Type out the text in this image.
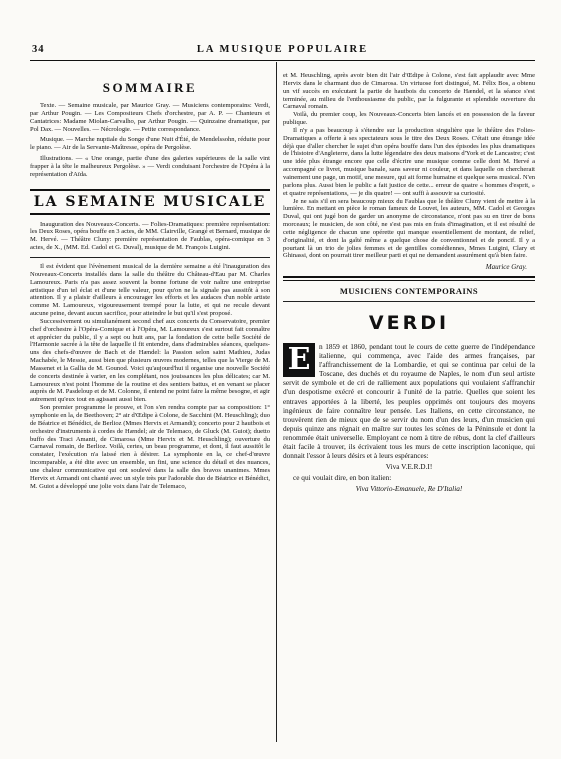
34	LA MUSIQUE POPULAIRE
SOMMAIRE

Texte. — Semaine musicale, par Maurice Gray. — Musiciens contemporains: Verdi, par Arthur Pougin. — Les Compositeurs Chefs d'orchestre, par A. P. — Chanteurs et Cantatrices: Madame Miolan-Carvalho, par Arthur Pougin. — Quinzaine dramatique, par Pol Dax. — Nouvelles. — Nécrologie. — Petite correspondance.

Musique. — Marche nuptiale du Songe d'une Nuit d'Été, de Mendelssohn, réduite pour le piano. — Air de la Servante-Maîtresse, opéra de Pergolèse.

Illustrations. — « Une orange, partie d'une des galeries supérieures de la salle vint frapper à la tête le malheureux Pergolèse. » — Verdi conduisant l'orchestre de l'Opéra à la représentation d'Aïda.

LA SEMAINE MUSICALE

Inauguration des Nouveaux-Concerts. — Folies-Dramatiques: première représentation: les Deux Roses, opéra bouffe en 3 actes, de MM. Clairville, Grangé et Bernard, musique de M. Hervé. — Théâtre Cluny: première représentation de Faublas, opéra-comique en 3 actes, de X., (MM. Ed. Cadol et G. Duval), musique de M. François Luigini.

Il est évident que l'évènement musical de la dernière semaine a été l'inauguration des Nouveaux-Concerts installés dans la salle du théâtre du Château-d'Eau par M. Charles Lamoureux. Paris n'a pas assez souvent la bonne fortune de voir naître une entreprise artistique d'un tel éclat et d'une telle valeur, pour qu'on ne la signale pas aussitôt à son attention. Il y a plaisir d'ailleurs à encourager les efforts et les audaces d'un noble artiste comme M. Lamoureux, vigoureusement trempé pour la lutte, et qui ne recule devant aucune peine, devant aucun sacrifice, pour atteindre le but qu'il s'est proposé.

Successivement ou simultanément second chef aux concerts du Conservatoire, premier chef d'orchestre à l'Opéra-Comique et à l'Opéra, M. Lamoureux s'est surtout fait connaître et apprécier du public, il y a sept ou huit ans, par la fondation de cette belle Société de l'Harmonie sacrée à la tête de laquelle il fit entendre, dans d'admirables séances, quelques-uns des chefs-d'œuvre de Bach et de Hændel: la Passion selon saint Mathieu, Judas Machabée, le Messie, aussi bien que plusieurs œuvres modernes, telles que la Vierge de M. Massenet et la Gallia de M. Gounod. Voici qu'aujourd'hui il organise une nouvelle Société de concerts destinée à varier, en les complétant, nos jouissances les plus délicates; car M. Lamoureux n'est point l'homme de la routine et des sentiers battus, et en venant se placer auprès de M. Pasdeloup et de M. Colonne, il entend ne point faire la même besogne, et agir autrement qu'eux tout en agissant aussi bien.

Son premier programme le prouve, et l'on s'en rendra compte par sa composition: 1° symphonie en la, de Beethoven; 2° air d'Œdipe à Colone, de Sacchini (M. Heuschling); duo de Béatrice et Bénédict, de Berlioz (Mmes Hervix et Armandi); concerto pour 2 hautbois et orchestre d'instruments à cordes de Hændel; air de Telemaco, de Gluck (M. Guiot); duetto buffo des Traci Amanti, de Cimarosa (Mme Hervix et M. Heuschling); ouverture du Carnaval romain, de Berlioz. Voilà, certes, un beau programme, et dont, il faut aussitôt le constater, l'exécution n'a laissé rien à désirer. La symphonie en la, ce chef-d'œuvre incomparable, a été dite avec un ensemble, un fini, une science du détail et des nuances, une chaleur communicative qui ont soulevé dans la salle des bravos unanimes. Mmes Hervix et Armandi ont chanté avec un style très pur l'adorable duo de Béatrice et Bénédict, M. Guiot a développé une jolie voix dans l'air de Telemaco,

et M. Heuschling, après avoir bien dit l'air d'Œdipe à Colone, s'est fait applaudir avec Mme Hervix dans le charmant duo de Cimarosa. Un virtuose fort distingué, M. Félix Bos, a obtenu un vif succès en exécutant la partie de hautbois du concerto de Hændel, et la séance s'est terminée, au milieu de l'enthousiasme du public, par la fulgurante et splendide ouverture du Carnaval romain.

Voilà, du premier coup, les Nouveaux-Concerts bien lancés et en possession de la faveur publique.

Il n'y a pas beaucoup à s'étendre sur la production singulière que le théâtre des Folies-Dramatiques a offerte à ses spectateurs sous le titre des Deux Roses. C'était une étrange idée déjà que d'aller chercher le sujet d'un opéra bouffe dans l'un des épisodes les plus dramatiques de l'histoire d'Angleterre, dans la lutte légendaire des deux maisons d'York et de Lancastre; c'est une idée plus étrange encore que celle d'écrire une musique comme celle dont M. Hervé a accompagné ce livret, musique banale, sans saveur ni couleur, et dans laquelle on chercherait vainement une page, un motif, une mesure, qui ait forme humaine et quelque sens musical. N'en parlons plus. Aussi bien le public a fait justice de cette... erreur de quatre « hommes d'esprit, » et quatre représentations, — je dis quatre! — ont suffi à assouvir sa curiosité.

Je ne sais s'il en sera beaucoup mieux du Faublas que le théâtre Cluny vient de mettre à la lumière. En mettant en pièce le roman fameux de Louvet, les auteurs, MM. Cadol et Georges Duval, qui ont jugé bon de garder un anonyme de circonstance, n'ont pas su en tirer de bons morceaux; le musicien, de son côté, ne s'est pas mis en frais d'imagination, et il est résulté de cette négligence de chacun une opérette qui manque essentiellement de montant, de relief, d'originalité, et dont la gaîté même a quelque chose de conventionnel et de poncif. Il y a pourtant là un trio de jolies femmes et de gentilles comédiennes, Mmes Luigini, Clary et Ghinassi, dont on pourrait tirer meilleur parti et qui ne demandent assurément qu'à bien faire.

Maurice Gray.
MUSICIENS CONTEMPORAINS
VERDI
E	n 1859 et 1860, pendant tout le cours de cette guerre de l'indépendance italienne, qui commença, avec l'aide des armes françaises, par l'affranchissement de la Lombardie, et qui se continua par celui de la Toscane, des duchés et du royaume de Naples, le nom d'un seul artiste servit de symbole et de cri de ralliement aux populations qui voulaient s'affranchir d'un despotisme exécré et concourir à l'unité de la patrie. Quelles que soient les entraves apportées à la liberté, les peuples opprimés ont toujours des moyens ingénieux de faire connaître leur pensée. Les Italiens, en cette circonstance, ne trouvèrent rien de mieux que de se servir du nom d'un des leurs, d'un musicien qui depuis quinze ans régnait en maître sur toutes les scènes de la Péninsule et dont la renommée était universelle. Employant ce nom à titre de rébus, dont la clef d'ailleurs était facile à trouver, ils écrivaient tous les murs de cette inscription laconique, qui donnait l'essor à leurs désirs et à leurs espérances:

Viva V.E.R.D.I!
ce qui voulait dire, en bon italien:
Viva Vittorio-Emanuele, Re D'Italia!
